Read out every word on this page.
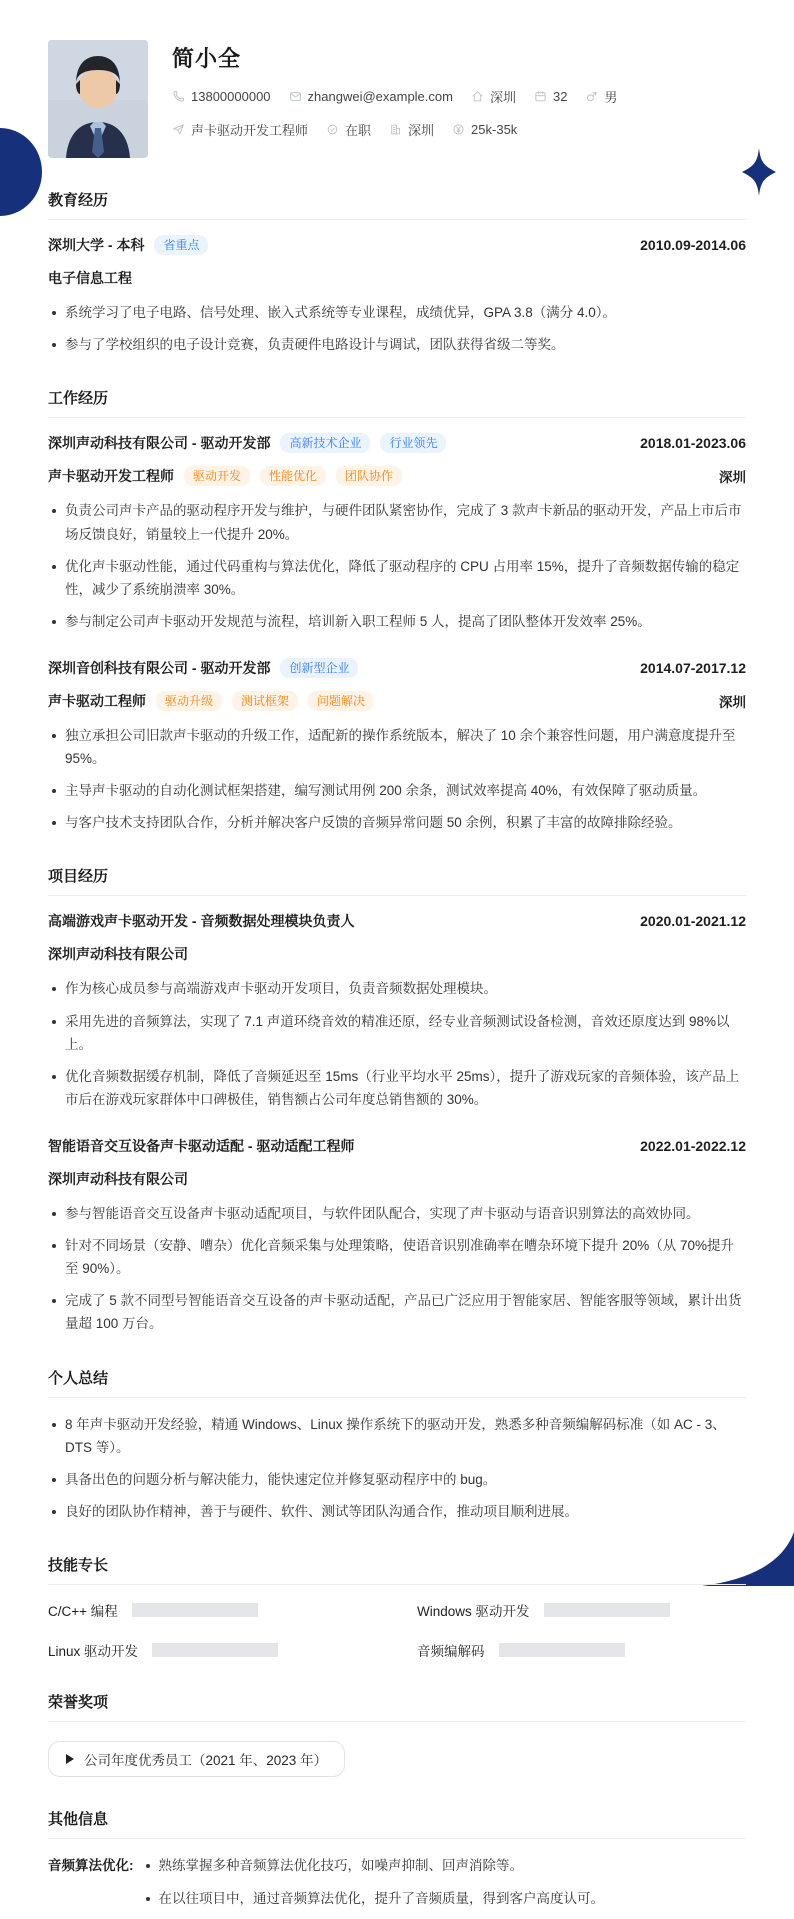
简小全
13800000000	zhangwei@example.com	深圳	32	男
声卡驱动开发工程师	在职	深圳	25k-35k
教育经历
深圳大学 - 本科	省重点	2010.09-2014.06
电子信息工程
系统学习了电子电路、信号处理、嵌入式系统等专业课程，成绩优异，GPA 3.8（满分 4.0）。
参与了学校组织的电子设计竞赛，负责硬件电路设计与调试，团队获得省级二等奖。
工作经历
深圳声动科技有限公司 - 驱动开发部	高新技术企业	行业领先	2018.01-2023.06
声卡驱动开发工程师	驱动开发	性能优化	团队协作	深圳
负责公司声卡产品的驱动程序开发与维护，与硬件团队紧密协作，完成了 3 款声卡新品的驱动开发，产品上市后市场反馈良好，销量较上一代提升 20%。
优化声卡驱动性能，通过代码重构与算法优化，降低了驱动程序的 CPU 占用率 15%，提升了音频数据传输的稳定性，减少了系统崩溃率 30%。
参与制定公司声卡驱动开发规范与流程，培训新入职工程师 5 人，提高了团队整体开发效率 25%。
深圳音创科技有限公司 - 驱动开发部	创新型企业	2014.07-2017.12
声卡驱动工程师	驱动升级	测试框架	问题解决	深圳
独立承担公司旧款声卡驱动的升级工作，适配新的操作系统版本，解决了 10 余个兼容性问题，用户满意度提升至 95%。
主导声卡驱动的自动化测试框架搭建，编写测试用例 200 余条，测试效率提高 40%，有效保障了驱动质量。
与客户技术支持团队合作，分析并解决客户反馈的音频异常问题 50 余例，积累了丰富的故障排除经验。
项目经历
高端游戏声卡驱动开发 - 音频数据处理模块负责人	2020.01-2021.12
深圳声动科技有限公司
作为核心成员参与高端游戏声卡驱动开发项目，负责音频数据处理模块。
采用先进的音频算法，实现了 7.1 声道环绕音效的精准还原，经专业音频测试设备检测，音效还原度达到 98%以上。
优化音频数据缓存机制，降低了音频延迟至 15ms（行业平均水平 25ms），提升了游戏玩家的音频体验，该产品上市后在游戏玩家群体中口碑极佳，销售额占公司年度总销售额的 30%。
智能语音交互设备声卡驱动适配 - 驱动适配工程师	2022.01-2022.12
深圳声动科技有限公司
参与智能语音交互设备声卡驱动适配项目，与软件团队配合，实现了声卡驱动与语音识别算法的高效协同。
针对不同场景（安静、嘈杂）优化音频采集与处理策略，使语音识别准确率在嘈杂环境下提升 20%（从 70%提升至 90%）。
完成了 5 款不同型号智能语音交互设备的声卡驱动适配，产品已广泛应用于智能家居、智能客服等领域，累计出货量超 100 万台。
个人总结
8 年声卡驱动开发经验，精通 Windows、Linux 操作系统下的驱动开发，熟悉多种音频编解码标准（如 AC - 3、DTS 等）。
具备出色的问题分析与解决能力，能快速定位并修复驱动程序中的 bug。
良好的团队协作精神，善于与硬件、软件、测试等团队沟通合作，推动项目顺利进展。
技能专长
C/C++ 编程	Windows 驱动开发
Linux 驱动开发	音频编解码
荣誉奖项
公司年度优秀员工（2021 年、2023 年）
其他信息
音频算法优化:	熟练掌握多种音频算法优化技巧，如噪声抑制、回声消除等。
在以往项目中，通过音频算法优化，提升了音频质量，得到客户高度认可。
